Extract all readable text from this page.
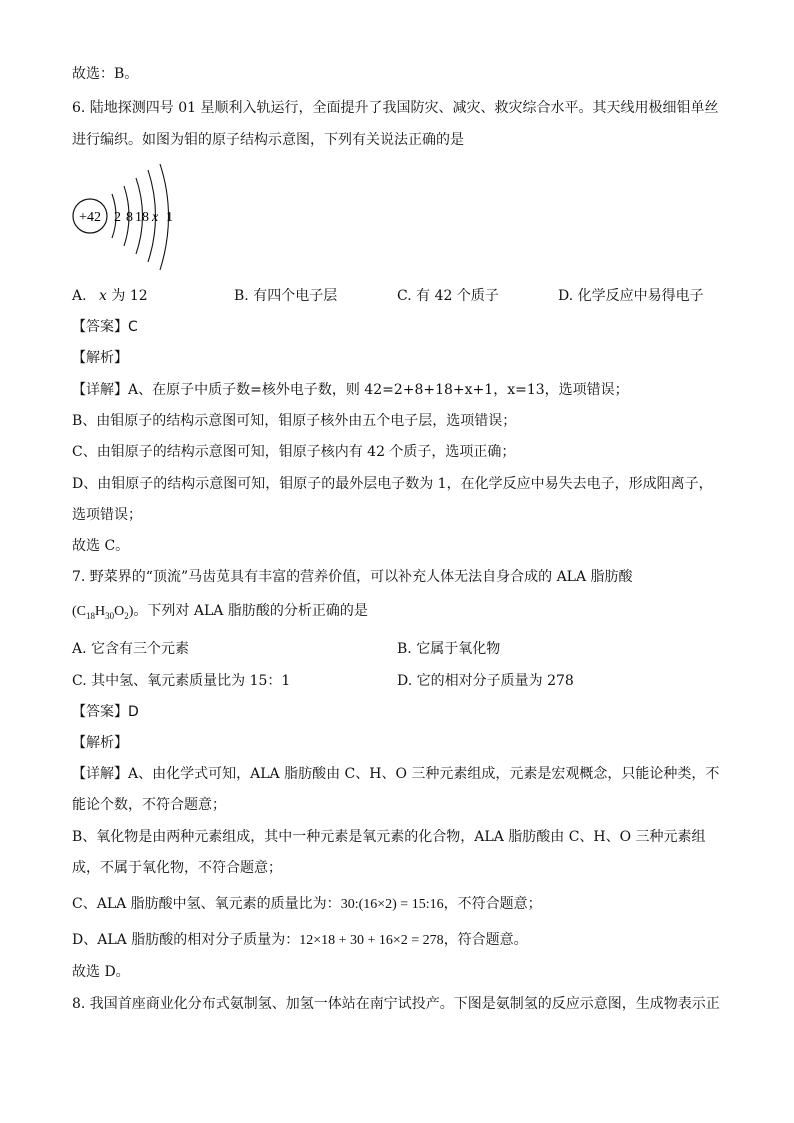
故选：B。
6. 陆地探测四号 01 星顺利入轨运行，全面提升了我国防灾、减灾、救灾综合水平。其天线用极细钼单丝
进行编织。如图为钼的原子结构示意图，下列有关说法正确的是
+42 2 8 18 x 1
A. x 为 12	B. 有四个电子层	C. 有 42 个质子	D. 化学反应中易得电子
【答案】C
【解析】
【详解】A、在原子中质子数=核外电子数，则 42=2+8+18+x+1，x=13，选项错误；
B、由钼原子的结构示意图可知，钼原子核外由五个电子层，选项错误；
C、由钼原子的结构示意图可知，钼原子核内有 42 个质子，选项正确；
D、由钼原子的结构示意图可知，钼原子的最外层电子数为 1，在化学反应中易失去电子，形成阳离子，
选项错误；
故选 C。
7. 野菜界的“顶流”马齿苋具有丰富的营养价值，可以补充人体无法自身合成的 ALA 脂肪酸
$(C_{18}H_{30}O_2)$。下列对 ALA 脂肪酸的分析正确的是
A. 它含有三个元素	B. 它属于氧化物
C. 其中氢、氧元素质量比为 15：1	D. 它的相对分子质量为 278
【答案】D
【解析】
【详解】A、由化学式可知，ALA 脂肪酸由 C、H、O 三种元素组成，元素是宏观概念，只能论种类，不
能论个数，不符合题意；
B、氧化物是由两种元素组成，其中一种元素是氧元素的化合物，ALA 脂肪酸由 C、H、O 三种元素组
成，不属于氧化物，不符合题意；
C、ALA 脂肪酸中氢、氧元素的质量比为：30:(16×2) = 15:16，不符合题意；
D、ALA 脂肪酸的相对分子质量为：12×18 + 30 + 16×2 = 278，符合题意。
故选 D。
8. 我国首座商业化分布式氨制氢、加氢一体站在南宁试投产。下图是氨制氢的反应示意图，生成物表示正
